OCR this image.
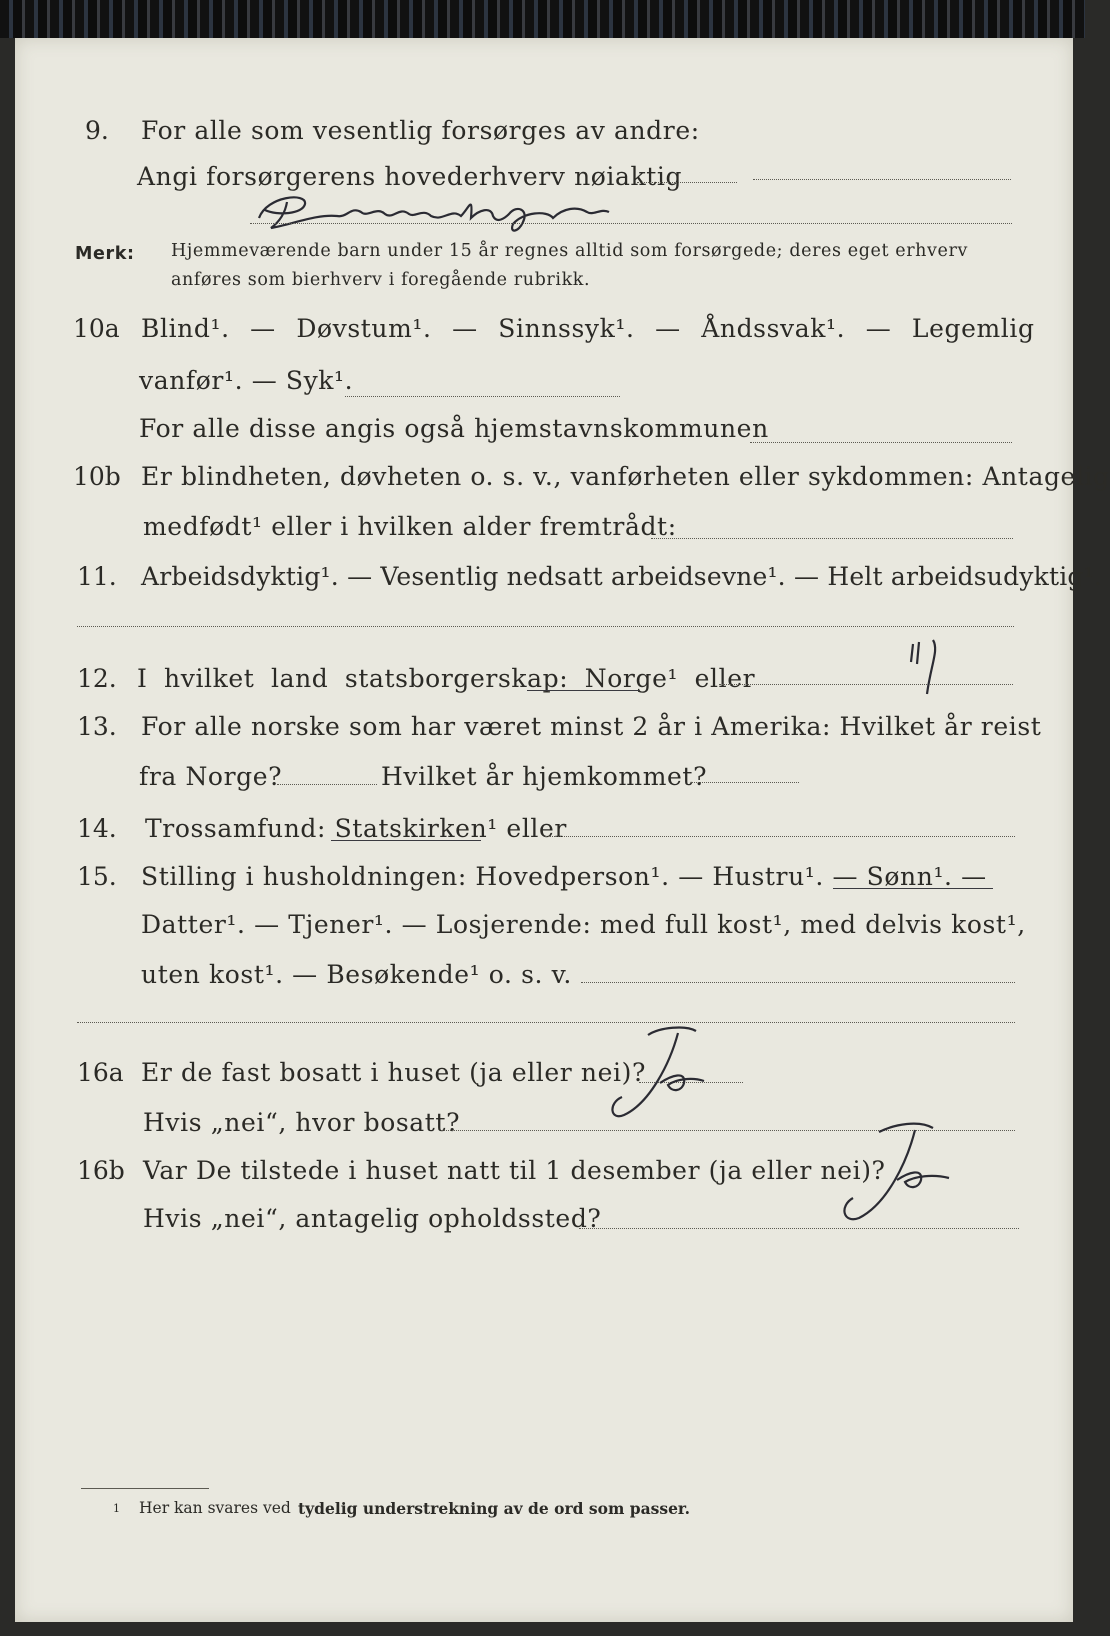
9. For alle som vesentlig forsørges av andre:
Angi forsørgerens hovederhverv nøiaktig
Tømmerhjører
Merk: Hjemmeværende barn under 15 år regnes alltid som forsørgede; deres eget erhverv
anføres som bierhverv i foregående rubrikk.
10a Blind¹. — Døvstum¹. — Sinnssyk¹. — Åndssvak¹. — Legemlig
vanfør¹. — Syk¹.
For alle disse angis også hjemstavnskommunen
10b Er blindheten, døvheten o. s. v., vanførheten eller sykdommen: Antagelig
medfødt¹ eller i hvilken alder fremtrådt:
11. Arbeidsdyktig¹. — Vesentlig nedsatt arbeidsevne¹. — Helt arbeidsudyktig¹.
12. I hvilket land statsborgerskap: Norge¹ eller
13. For alle norske som har været minst 2 år i Amerika: Hvilket år reist
fra Norge?	Hvilket år hjemkommet?
14. Trossamfund: Statskirken¹ eller
15. Stilling i husholdningen: Hovedperson¹. — Hustru¹. — Sønn¹. —
Datter¹. — Tjener¹. — Losjerende: med full kost¹, med delvis kost¹,
uten kost¹. — Besøkende¹ o. s. v.
16a Er de fast bosatt i huset (ja eller nei)?
Ja
Hvis „nei“, hvor bosatt?
16b Var De tilstede i huset natt til 1 desember (ja eller nei)?
Ja
Hvis „nei“, antagelig opholdssted?
1 Her kan svares ved tydelig understrekning av de ord som passer.
